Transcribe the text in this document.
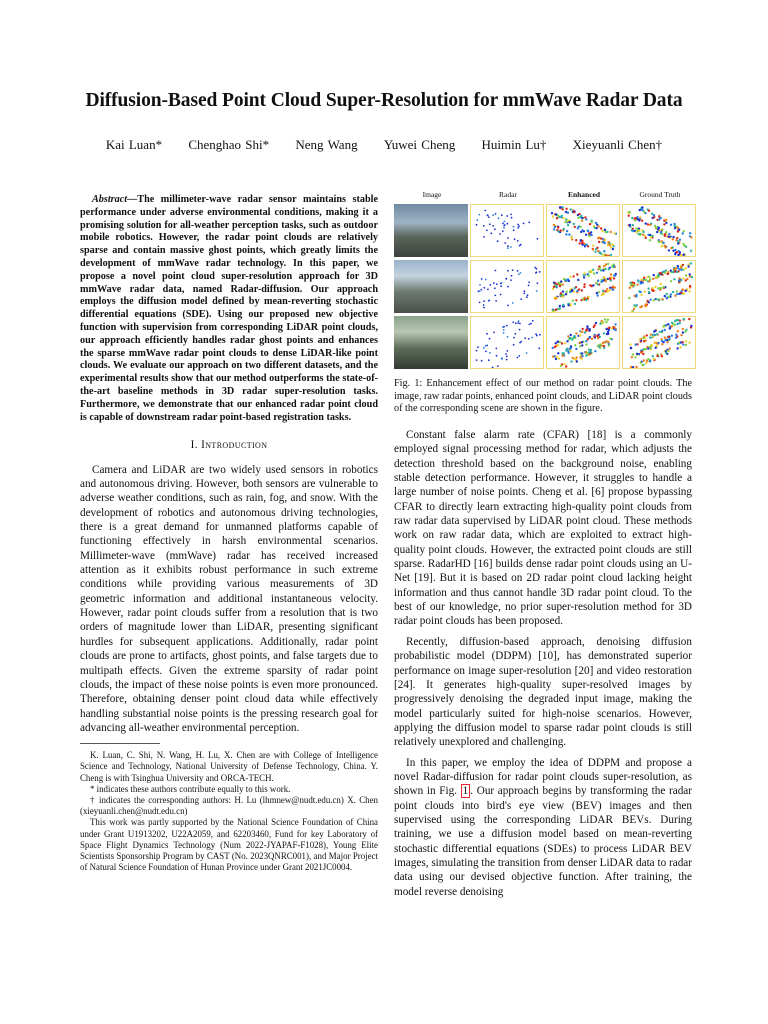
Diffusion-Based Point Cloud Super-Resolution for mmWave Radar Data
Kai Luan* Chenghao Shi* Neng Wang Yuwei Cheng Huimin Lu† Xieyuanli Chen†

Abstract—The millimeter-wave radar sensor maintains stable performance under adverse environmental conditions, making it a promising solution for all-weather perception tasks, such as outdoor mobile robotics. However, the radar point clouds are relatively sparse and contain massive ghost points, which greatly limits the development of mmWave radar technology. In this paper, we propose a novel point cloud super-resolution approach for 3D mmWave radar data, named Radar-diffusion. Our approach employs the diffusion model defined by mean-reverting stochastic differential equations (SDE). Using our proposed new objective function with supervision from corresponding LiDAR point clouds, our approach efficiently handles radar ghost points and enhances the sparse mmWave radar point clouds to dense LiDAR-like point clouds. We evaluate our approach on two different datasets, and the experimental results show that our method outperforms the state-of-the-art baseline methods in 3D radar super-resolution tasks. Furthermore, we demonstrate that our enhanced radar point cloud is capable of downstream radar point-based registration tasks.

I. Introduction

Camera and LiDAR are two widely used sensors in robotics and autonomous driving. However, both sensors are vulnerable to adverse weather conditions, such as rain, fog, and snow. With the development of robotics and autonomous driving technologies, there is a great demand for unmanned platforms capable of functioning effectively in harsh environmental scenarios. Millimeter-wave (mmWave) radar has received increased attention as it exhibits robust performance in such extreme conditions while providing various measurements of 3D geometric information and additional instantaneous velocity. However, radar point clouds suffer from a resolution that is two orders of magnitude lower than LiDAR, presenting significant hurdles for subsequent applications. Additionally, radar point clouds are prone to artifacts, ghost points, and false targets due to multipath effects. Given the extreme sparsity of radar point clouds, the impact of these noise points is even more pronounced. Therefore, obtaining denser point cloud data while effectively handling substantial noise points is the pressing research goal for advancing all-weather environmental perception.

K. Luan, C. Shi, N. Wang, H. Lu, X. Chen are with College of Intelligence Science and Technology, National University of Defense Technology, China. Y. Cheng is with Tsinghua University and ORCA-TECH.

* indicates these authors contribute equally to this work.

† indicates the corresponding authors: H. Lu (lhmnew@nudt.edu.cn) X. Chen (xieyuanli.chen@nudt.edu.cn)

This work was partly supported by the National Science Foundation of China under Grant U1913202, U22A2059, and 62203460, Fund for key Laboratory of Space Flight Dynamics Technology (Num 2022-JYAPAF-F1028), Young Elite Scientists Sponsorship Program by CAST (No. 2023QNRC001), and Major Project of Natural Science Foundation of Hunan Province under Grant 2021JC0004.

Image	Radar	Enhanced	Ground Truth
Fig. 1: Enhancement effect of our method on radar point clouds. The image, raw radar points, enhanced point clouds, and LiDAR point clouds of the corresponding scene are shown in the figure.

Constant false alarm rate (CFAR) [18] is a commonly employed signal processing method for radar, which adjusts the detection threshold based on the background noise, enabling stable detection performance. However, it struggles to handle a large number of noise points. Cheng et al. [6] propose bypassing CFAR to directly learn extracting high-quality point clouds from raw radar data supervised by LiDAR point cloud. These methods work on raw radar data, which are exploited to extract high-quality point clouds. However, the extracted point clouds are still sparse. RadarHD [16] builds dense radar point clouds using an U-Net [19]. But it is based on 2D radar point cloud lacking height information and thus cannot handle 3D radar point cloud. To the best of our knowledge, no prior super-resolution method for 3D radar point clouds has been proposed.

Recently, diffusion-based approach, denoising diffusion probabilistic model (DDPM) [10], has demonstrated superior performance on image super-resolution [20] and video restoration [24]. It generates high-quality super-resolved images by progressively denoising the degraded input image, making the model particularly suited for high-noise scenarios. However, applying the diffusion model to sparse radar point clouds is still relatively unexplored and challenging.

In this paper, we employ the idea of DDPM and propose a novel Radar-diffusion for radar point clouds super-resolution, as shown in Fig. 1 . Our approach begins by transforming the radar point clouds into bird's eye view (BEV) images and then supervised using the corresponding LiDAR BEVs. During training, we use a diffusion model based on mean-reverting stochastic differential equations (SDEs) to process LiDAR BEV images, simulating the transition from denser LiDAR data to radar data using our devised objective function. After training, the model reverse denoising
